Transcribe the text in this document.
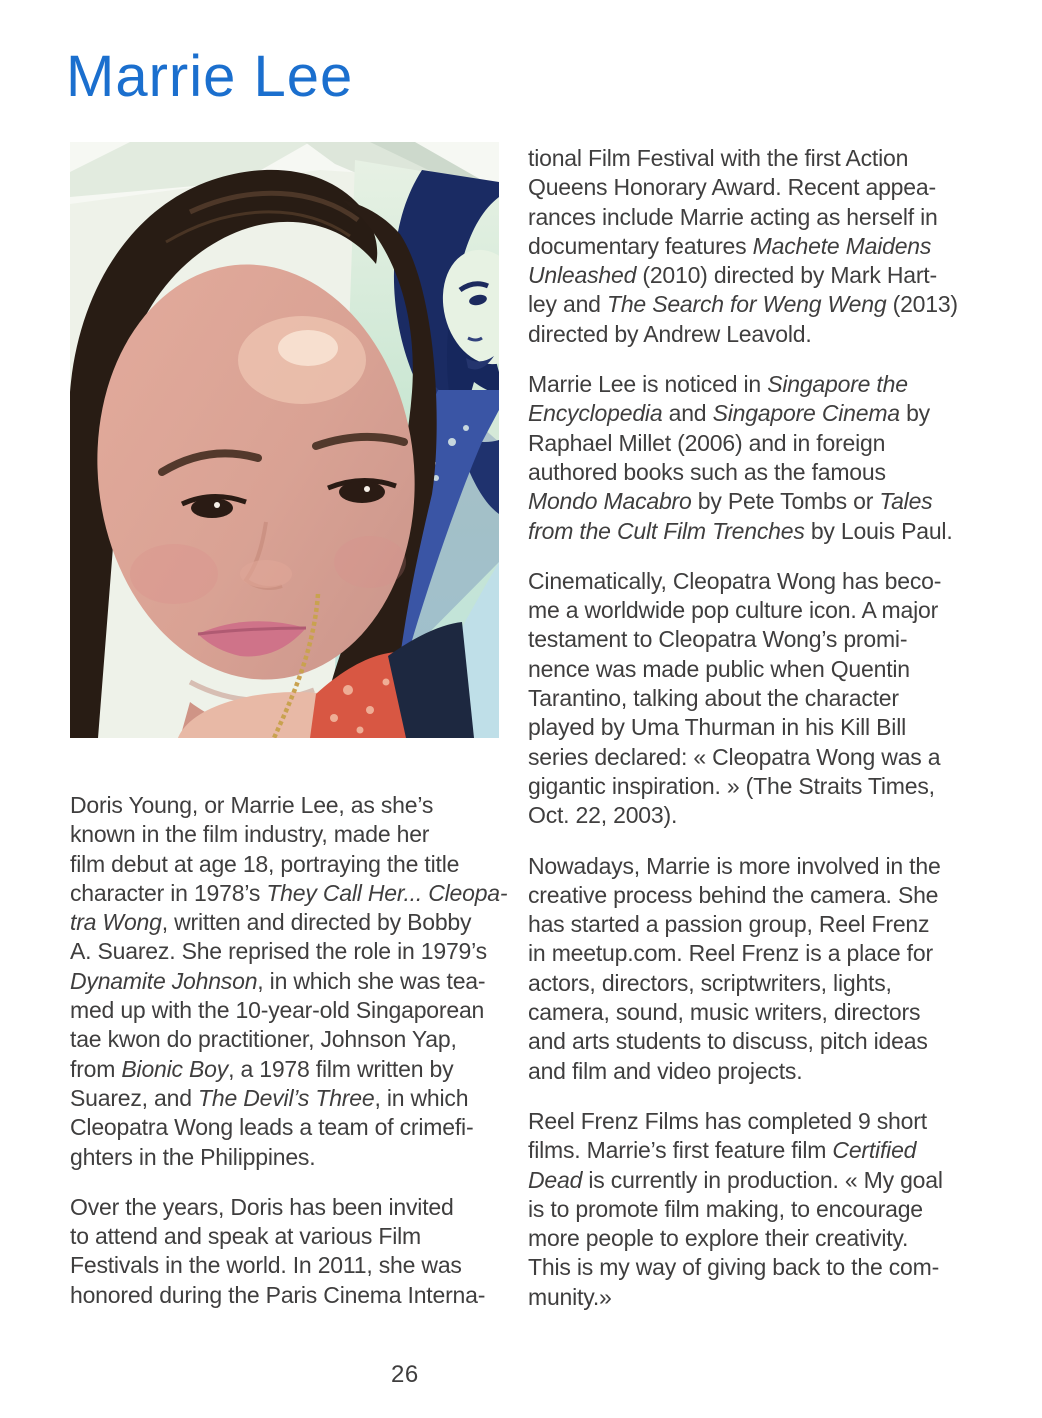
Marrie Lee

Doris Young, or Marrie Lee, as she’s
known in the film industry, made her
film debut at age 18, portraying the title
character in 1978’s They Call Her... Cleopa-
tra Wong, written and directed by Bobby
A. Suarez. She reprised the role in 1979’s
Dynamite Johnson, in which she was tea-
med up with the 10-year-old Singaporean
tae kwon do practitioner, Johnson Yap,
from Bionic Boy, a 1978 film written by
Suarez, and The Devil’s Three, in which
Cleopatra Wong leads a team of crimefi-
ghters in the Philippines.

Over the years, Doris has been invited
to attend and speak at various Film
Festivals in the world. In 2011, she was
honored during the Paris Cinema Interna-

tional Film Festival with the first Action
Queens Honorary Award. Recent appea-
rances include Marrie acting as herself in
documentary features Machete Maidens
Unleashed (2010) directed by Mark Hart-
ley and The Search for Weng Weng (2013)
directed by Andrew Leavold.

Marrie Lee is noticed in Singapore the
Encyclopedia and Singapore Cinema by
Raphael Millet (2006) and in foreign
authored books such as the famous
Mondo Macabro by Pete Tombs or Tales
from the Cult Film Trenches by Louis Paul.

Cinematically, Cleopatra Wong has beco-
me a worldwide pop culture icon. A major
testament to Cleopatra Wong’s promi-
nence was made public when Quentin
Tarantino, talking about the character
played by Uma Thurman in his Kill Bill
series declared: « Cleopatra Wong was a
gigantic inspiration. » (The Straits Times,
Oct. 22, 2003).

Nowadays, Marrie is more involved in the
creative process behind the camera. She
has started a passion group, Reel Frenz
in meetup.com. Reel Frenz is a place for
actors, directors, scriptwriters, lights,
camera, sound, music writers, directors
and arts students to discuss, pitch ideas
and film and video projects.

Reel Frenz Films has completed 9 short
films. Marrie’s first feature film Certified
Dead is currently in production. « My goal
is to promote film making, to encourage
more people to explore their creativity.
This is my way of giving back to the com-
munity.»

26
